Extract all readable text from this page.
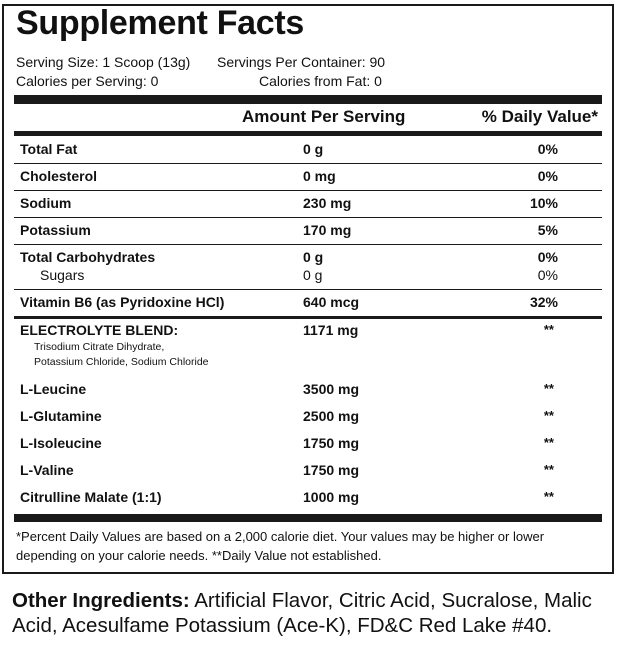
Supplement Facts
Serving Size: 1 Scoop (13g) Servings Per Container: 90
Calories per Serving: 0	Calories from Fat: 0
Amount Per Serving	% Daily Value*
Total Fat	0 g	0%
Cholesterol	0 mg	0%
Sodium	230 mg	10%
Potassium	170 mg	5%
Total Carbohydrates	0 g	0%
Sugars	0 g	0%
Vitamin B6 (as Pyridoxine HCl)	640 mcg	32%
ELECTROLYTE BLEND:	1171 mg	**
Trisodium Citrate Dihydrate,
Potassium Chloride, Sodium Chloride
L-Leucine	3500 mg	**
L-Glutamine	2500 mg	**
L-Isoleucine	1750 mg	**
L-Valine	1750 mg	**
Citrulline Malate (1:1)	1000 mg	**
*Percent Daily Values are based on a 2,000 calorie diet. Your values may be higher or lower
depending on your calorie needs. **Daily Value not established.
Other Ingredients: Artificial Flavor, Citric Acid, Sucralose, Malic Acid, Acesulfame Potassium (Ace-K), FD&C Red Lake #40.
